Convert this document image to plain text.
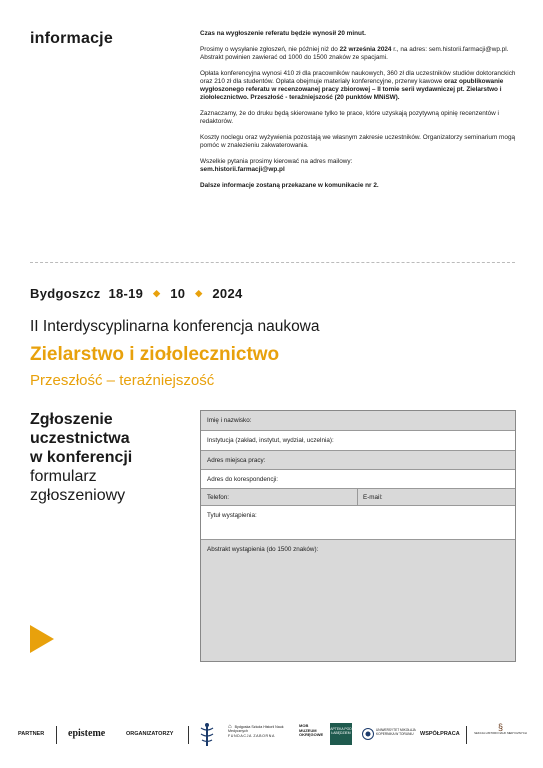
informacje	Czas na wygłoszenie referatu będzie wynosił 20 minut.

Prosimy o wysyłanie zgłoszeń, nie później niż do 22 września 2024 r., na adres: sem.historii.farmacji@wp.pl. Abstrakt powinien zawierać od 1000 do 1500 znaków ze spacjami.

Opłata konferencyjna wynosi 410 zł dla pracowników naukowych, 360 zł dla uczestników studiów doktoranckich oraz 210 zł dla studentów. Opłata obejmuje materiały konferencyjne, przerwy kawowe oraz opublikowanie wygłoszonego referatu w recenzowanej pracy zbiorowej – II tomie serii wydawniczej pt. Zielarstwo i ziołolecznictwo. Przeszłość - teraźniejszość (20 punktów MNiSW).

Zaznaczamy, że do druku będą skierowane tylko te prace, które uzyskają pozytywną opinię recenzentów i redaktorów.

Koszty noclegu oraz wyżywienia pozostają we własnym zakresie uczestników. Organizatorzy seminarium mogą pomóc w znalezieniu zakwaterowania.

Wszelkie pytania prosimy kierować na adres mailowy:
sem.historii.farmacji@wp.pl

Dalsze informacje zostaną przekazane w komunikacie nr 2.

Bydgoszcz 18-19 ◆ 10 ◆ 2024
II Interdyscyplinarna konferencja naukowa
Zielarstwo i ziołolecznictwo
Przeszłość – teraźniejszość
Zgłoszenie
uczestnictwa
w konferencji
formularz
zgłoszeniowy
Imię i nazwisko:
Instytucja (zakład, instytut, wydział, uczelnia):
Adres miejsca pracy:
Adres do korespondencji:
Telefon:	E-mail:
Tytuł wystąpienia:
Abstrakt wystąpienia (do 1500 znaków):
PARTNER episteme	ORGANIZATORZY
⌂ Bydgoska Szkoła Historii Nauk Medycznych
FUNDACJA ZABORNA
MOB MUZEUM OKRĘGOWE
APTEKA POD ŁABĘDZIEM
UNIWERSYTET MIKOŁAJA KOPERNIKA W TORUNIU	WSPÓŁPRACA
§
SEKCJA HISTORII NAUK MEDYCZNYCH
